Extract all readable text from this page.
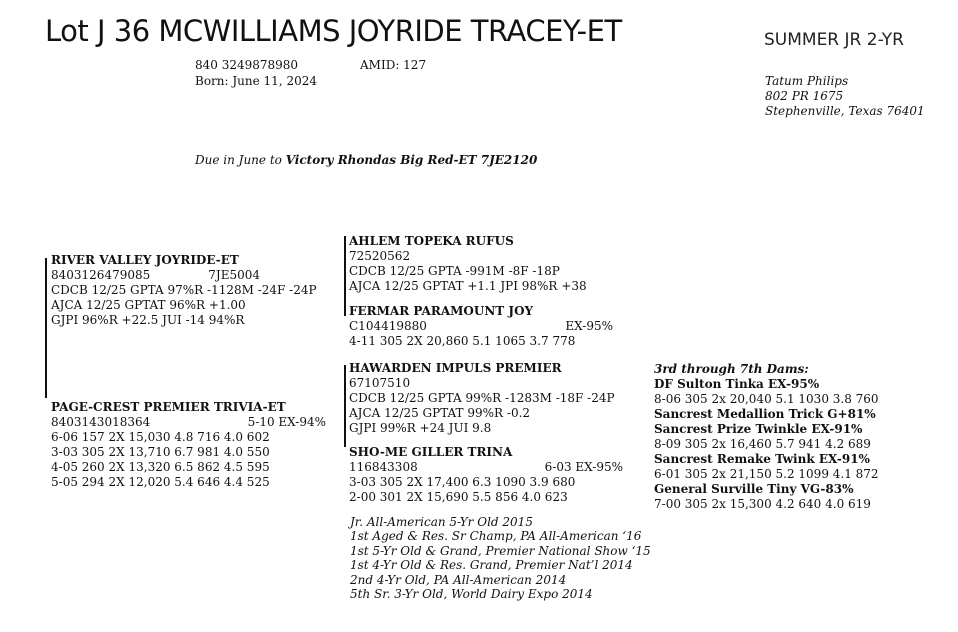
Lot J 36 MCWILLIAMS JOYRIDE TRACEY-ET	SUMMER JR 2-YR
840 3249878980	AMID: 127
Born: June 11, 2024	Tatum Philips
802 PR 1675
Stephenville, Texas 76401
Due in June to Victory Rhondas Big Red-ET 7JE2120
RIVER VALLEY JOYRIDE-ET
8403126479085	7JE5004
CDCB 12/25 GPTA 97%R -1128M -24F -24P
AJCA 12/25 GPTAT 96%R +1.00
GJPI 96%R +22.5 JUI -14 94%R
PAGE-CREST PREMIER TRIVIA-ET
8403143018364	5-10 EX-94%
6-06 157 2X 15,030 4.8 716 4.0 602
3-03 305 2X 13,710 6.7 981 4.0 550
4-05 260 2X 13,320 6.5 862 4.5 595
5-05 294 2X 12,020 5.4 646 4.4 525
AHLEM TOPEKA RUFUS
72520562
CDCB 12/25 GPTA -991M -8F -18P
AJCA 12/25 GPTAT +1.1 JPI 98%R +38
FERMAR PARAMOUNT JOY
C104419880	EX-95%
4-11 305 2X 20,860 5.1 1065 3.7 778
HAWARDEN IMPULS PREMIER
67107510
CDCB 12/25 GPTA 99%R -1283M -18F -24P
AJCA 12/25 GPTAT 99%R -0.2
GJPI 99%R +24 JUI 9.8
SHO-ME GILLER TRINA
116843308	6-03 EX-95%
3-03 305 2X 17,400 6.3 1090 3.9 680
2-00 301 2X 15,690 5.5 856 4.0 623
Jr. All-American 5-Yr Old 2015
1st Aged & Res. Sr Champ, PA All-American ‘16
1st 5-Yr Old & Grand, Premier National Show ‘15
1st 4-Yr Old & Res. Grand, Premier Nat’l 2014
2nd 4-Yr Old, PA All-American 2014
5th Sr. 3-Yr Old, World Dairy Expo 2014
3rd through 7th Dams:
DF Sulton Tinka EX-95%
8-06 305 2x 20,040 5.1 1030 3.8 760
Sancrest Medallion Trick G+81%
Sancrest Prize Twinkle EX-91%
8-09 305 2x 16,460 5.7 941 4.2 689
Sancrest Remake Twink EX-91%
6-01 305 2x 21,150 5.2 1099 4.1 872
General Surville Tiny VG-83%
7-00 305 2x 15,300 4.2 640 4.0 619
